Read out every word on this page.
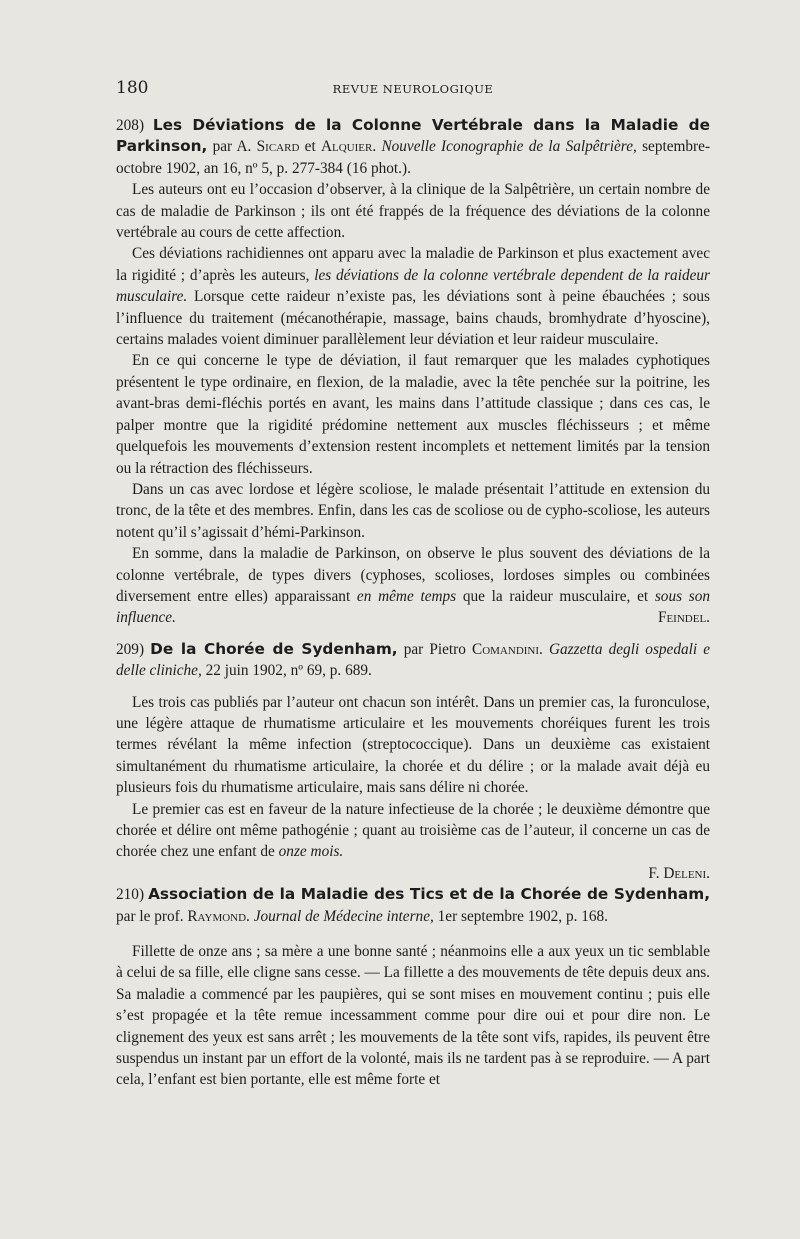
180	REVUE NEUROLOGIQUE
208) Les Déviations de la Colonne Vertébrale dans la Maladie de Parkinson, par A. Sicard et Alquier. Nouvelle Iconographie de la Salpêtrière, septembre-octobre 1902, an 16, nº 5, p. 277-384 (16 phot.).

Les auteurs ont eu l’occasion d’observer, à la clinique de la Salpêtrière, un certain nombre de cas de maladie de Parkinson ; ils ont été frappés de la fréquence des déviations de la colonne vertébrale au cours de cette affection.

Ces déviations rachidiennes ont apparu avec la maladie de Parkinson et plus exactement avec la rigidité ; d’après les auteurs, les déviations de la colonne vertébrale dependent de la raideur musculaire. Lorsque cette raideur n’existe pas, les déviations sont à peine ébauchées ; sous l’influence du traitement (mécanothérapie, massage, bains chauds, bromhydrate d’hyoscine), certains malades voient diminuer parallèlement leur déviation et leur raideur musculaire.

En ce qui concerne le type de déviation, il faut remarquer que les malades cyphotiques présentent le type ordinaire, en flexion, de la maladie, avec la tête penchée sur la poitrine, les avant-bras demi-fléchis portés en avant, les mains dans l’attitude classique ; dans ces cas, le palper montre que la rigidité prédomine nettement aux muscles fléchisseurs ; et même quelquefois les mouvements d’extension restent incomplets et nettement limités par la tension ou la rétraction des fléchisseurs.

Dans un cas avec lordose et légère scoliose, le malade présentait l’attitude en extension du tronc, de la tête et des membres. Enfin, dans les cas de scoliose ou de cypho-scoliose, les auteurs notent qu’il s’agissait d’hémi-Parkinson.

En somme, dans la maladie de Parkinson, on observe le plus souvent des déviations de la colonne vertébrale, de types divers (cyphoses, scolioses, lordoses simples ou combinées diversement entre elles) apparaissant en même temps que la raideur musculaire, et sous son influence.	Feindel.

209) De la Chorée de Sydenham, par Pietro Comandini. Gazzetta degli ospedali e delle cliniche, 22 juin 1902, nº 69, p. 689.

Les trois cas publiés par l’auteur ont chacun son intérêt. Dans un premier cas, la furonculose, une légère attaque de rhumatisme articulaire et les mouvements choréiques furent les trois termes révélant la même infection (streptococcique). Dans un deuxième cas existaient simultanément du rhumatisme articulaire, la chorée et du délire ; or la malade avait déjà eu plusieurs fois du rhumatisme articulaire, mais sans délire ni chorée.

Le premier cas est en faveur de la nature infectieuse de la chorée ; le deuxième démontre que chorée et délire ont même pathogénie ; quant au troisième cas de l’auteur, il concerne un cas de chorée chez une enfant de onze mois.

F. Deleni.
210) Association de la Maladie des Tics et de la Chorée de Sydenham, par le prof. Raymond. Journal de Médecine interne, 1er septembre 1902, p. 168.

Fillette de onze ans ; sa mère a une bonne santé ; néanmoins elle a aux yeux un tic semblable à celui de sa fille, elle cligne sans cesse. — La fillette a des mouvements de tête depuis deux ans. Sa maladie a commencé par les paupières, qui se sont mises en mouvement continu ; puis elle s’est propagée et la tête remue incessamment comme pour dire oui et pour dire non. Le clignement des yeux est sans arrêt ; les mouvements de la tête sont vifs, rapides, ils peuvent être suspendus un instant par un effort de la volonté, mais ils ne tardent pas à se reproduire. — A part cela, l’enfant est bien portante, elle est même forte et
